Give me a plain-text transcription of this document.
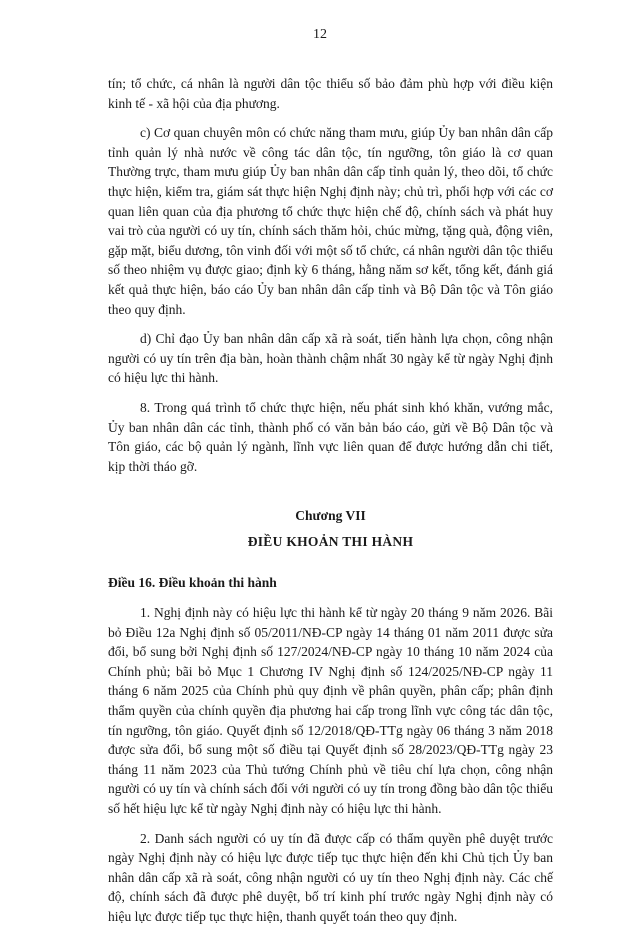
12

tín; tổ chức, cá nhân là người dân tộc thiểu số bảo đảm phù hợp với điều kiện kinh tế - xã hội của địa phương.

c) Cơ quan chuyên môn có chức năng tham mưu, giúp Ủy ban nhân dân cấp tỉnh quản lý nhà nước về công tác dân tộc, tín ngưỡng, tôn giáo là cơ quan Thường trực, tham mưu giúp Ủy ban nhân dân cấp tỉnh quản lý, theo dõi, tổ chức thực hiện, kiểm tra, giám sát thực hiện Nghị định này; chủ trì, phối hợp với các cơ quan liên quan của địa phương tổ chức thực hiện chế độ, chính sách và phát huy vai trò của người có uy tín, chính sách thăm hỏi, chúc mừng, tặng quà, động viên, gặp mặt, biểu dương, tôn vinh đối với một số tổ chức, cá nhân người dân tộc thiểu số theo nhiệm vụ được giao; định kỳ 6 tháng, hằng năm sơ kết, tổng kết, đánh giá kết quả thực hiện, báo cáo Ủy ban nhân dân cấp tỉnh và Bộ Dân tộc và Tôn giáo theo quy định.

d) Chỉ đạo Ủy ban nhân dân cấp xã rà soát, tiến hành lựa chọn, công nhận người có uy tín trên địa bàn, hoàn thành chậm nhất 30 ngày kể từ ngày Nghị định có hiệu lực thi hành.

8. Trong quá trình tổ chức thực hiện, nếu phát sinh khó khăn, vướng mắc, Ủy ban nhân dân các tỉnh, thành phố có văn bản báo cáo, gửi về Bộ Dân tộc và Tôn giáo, các bộ quản lý ngành, lĩnh vực liên quan để được hướng dẫn chi tiết, kịp thời tháo gỡ.

Chương VII
ĐIỀU KHOẢN THI HÀNH
Điều 16. Điều khoản thi hành

1. Nghị định này có hiệu lực thi hành kể từ ngày 20 tháng 9 năm 2026. Bãi bỏ Điều 12a Nghị định số 05/2011/NĐ-CP ngày 14 tháng 01 năm 2011 được sửa đổi, bổ sung bởi Nghị định số 127/2024/NĐ-CP ngày 10 tháng 10 năm 2024 của Chính phủ; bãi bỏ Mục 1 Chương IV Nghị định số 124/2025/NĐ-CP ngày 11 tháng 6 năm 2025 của Chính phủ quy định về phân quyền, phân cấp; phân định thẩm quyền của chính quyền địa phương hai cấp trong lĩnh vực công tác dân tộc, tín ngưỡng, tôn giáo. Quyết định số 12/2018/QĐ-TTg ngày 06 tháng 3 năm 2018 được sửa đổi, bổ sung một số điều tại Quyết định số 28/2023/QĐ-TTg ngày 23 tháng 11 năm 2023 của Thủ tướng Chính phủ về tiêu chí lựa chọn, công nhận người có uy tín và chính sách đối với người có uy tín trong đồng bào dân tộc thiểu số hết hiệu lực kể từ ngày Nghị định này có hiệu lực thi hành.

2. Danh sách người có uy tín đã được cấp có thẩm quyền phê duyệt trước ngày Nghị định này có hiệu lực được tiếp tục thực hiện đến khi Chủ tịch Ủy ban nhân dân cấp xã rà soát, công nhận người có uy tín theo Nghị định này. Các chế độ, chính sách đã được phê duyệt, bố trí kinh phí trước ngày Nghị định này có hiệu lực được tiếp tục thực hiện, thanh quyết toán theo quy định.
